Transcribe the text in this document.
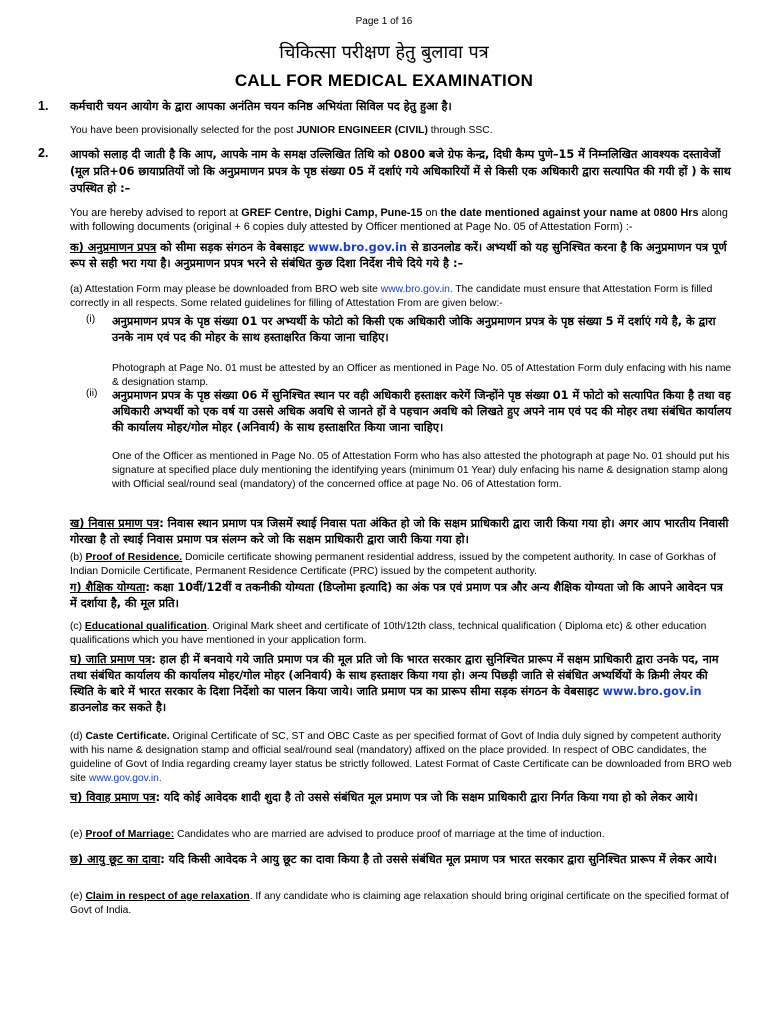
Page 1 of 16
चिकित्सा परीक्षण हेतु बुलावा पत्र
CALL FOR MEDICAL EXAMINATION
1. कर्मचारी चयन आयोग के द्वारा आपका अनंतिम चयन कनिष्ठ अभियंता सिविल पद हेतु हुआ है।

You have been provisionally selected for the post JUNIOR ENGINEER (CIVIL) through SSC.

2. आपको सलाह दी जाती है कि आप, आपके नाम के समक्ष उल्लिखित तिथि को 0800 बजे ग्रेफ केन्द्र, दिघी कैम्प पुणे–15 में निम्नलिखित आवश्यक दस्तावेजों (मूल प्रति+06 छायाप्रतियों जो कि अनुप्रमाणन प्रपत्र के पृष्ठ संख्या 05 में दर्शाएं गये अधिकारियों में से किसी एक अधिकारी द्वारा सत्यापित की गयी हों ) के साथ उपस्थित हो :–

You are hereby advised to report at GREF Centre, Dighi Camp, Pune-15 on the date mentioned against your name at 0800 Hrs along with following documents (original + 6 copies duly attested by Officer mentioned at Page No. 05 of Attestation Form) :-

क) अनुप्रमाणन प्रपत्र को सीमा सड़क संगठन के वेबसाइट www.bro.gov.in से डाउनलोड करें। अभ्यर्थी को यह सुनिश्चित करना है कि अनुप्रमाणन पत्र पूर्ण रूप से सही भरा गया है। अनुप्रमाणन प्रपत्र भरने से संबंधित कुछ दिशा निर्देश नीचे दिये गये है :–

(a) Attestation Form may please be downloaded from BRO web site www.bro.gov.in. The candidate must ensure that Attestation Form is filled correctly in all respects. Some related guidelines for filling of Attestation From are given below:-

(i) अनुप्रमाणन प्रपत्र के पृष्ठ संख्या 01 पर अभ्यर्थी के फोटो को किसी एक अधिकारी जोकि अनुप्रमाणन प्रपत्र के पृष्ठ संख्या 5 में दर्शाएं गये है, के द्वारा उनके नाम एवं पद की मोहर के साथ हस्ताक्षरित किया जाना चाहिए।

Photograph at Page No. 01 must be attested by an Officer as mentioned in Page No. 05 of Attestation Form duly enfacing with his name & designation stamp.

(ii) अनुप्रमाणन प्रपत्र के पृष्ठ संख्या 06 में सुनिश्चित स्थान पर वही अधिकारी हस्ताक्षर करेगें जिन्होंने पृष्ठ संख्या 01 में फोटो को सत्यापित किया है तथा वह अधिकारी अभ्यर्थी को एक वर्ष या उससे अधिक अवधि से जानते हों वे पहचान अवधि को लिखते हुए अपने नाम एवं पद की मोहर तथा संबंधित कार्यालय की कार्यालय मोहर/गोल मोहर (अनिवार्य) के साथ हस्ताक्षरित किया जाना चाहिए।

One of the Officer as mentioned in Page No. 05 of Attestation Form who has also attested the photograph at page No. 01 should put his signature at specified place duly mentioning the identifying years (minimum 01 Year) duly enfacing his name & designation stamp along with Official seal/round seal (mandatory) of the concerned office at page No. 06 of Attestation form.

ख) निवास प्रमाण पत्र: निवास स्थान प्रमाण पत्र जिसमें स्थाई निवास पता अंकित हो जो कि सक्षम प्राधिकारी द्वारा जारी किया गया हो। अगर आप भारतीय निवासी गोरखा है तो स्थाई निवास प्रमाण पत्र संलग्न करे जो कि सक्षम प्राधिकारी द्वारा जारी किया गया हो।

(b) Proof of Residence. Domicile certificate showing permanent residential address, issued by the competent authority. In case of Gorkhas of Indian Domicile Certificate, Permanent Residence Certificate (PRC) issued by the competent authority.

ग) शैक्षिक योग्यता: कक्षा 10वीं/12वीं व तकनीकी योग्यता (डिप्लोमा इत्यादि) का अंक पत्र एवं प्रमाण पत्र और अन्य शैक्षिक योग्यता जो कि आपने आवेदन पत्र में दर्शाया है, की मूल प्रति।

(c) Educational qualification. Original Mark sheet and certificate of 10th/12th class, technical qualification ( Diploma etc) & other education qualifications which you have mentioned in your application form.

घ) जाति प्रमाण पत्र: हाल ही में बनवाये गये जाति प्रमाण पत्र की मूल प्रति जो कि भारत सरकार द्वारा सुनिश्चित प्रारूप में सक्षम प्राधिकारी द्वारा उनके पद, नाम तथा संबंधित कार्यालय की कार्यालय मोहर/गोल मोहर (अनिवार्य) के साथ हस्ताक्षर किया गया हो। अन्य पिछड़ी जाति से संबंधित अभ्यर्थियों के क्रिमी लेयर की स्थिति के बारे में भारत सरकार के दिशा निर्देशो का पालन किया जाये। जाति प्रमाण पत्र का प्रारूप सीमा सड़क संगठन के वेबसाइट www.bro.gov.in डाउनलोड कर सकते है।

(d) Caste Certificate. Original Certificate of SC, ST and OBC Caste as per specified format of Govt of India duly signed by competent authority with his name & designation stamp and official seal/round seal (mandatory) affixed on the place provided. In respect of OBC candidates, the guideline of Govt of India regarding creamy layer status be strictly followed. Latest Format of Caste Certificate can be downloaded from BRO web site www.gov.gov.in.

च) विवाह प्रमाण पत्र: यदि कोई आवेदक शादी शुदा है तो उससे संबंधित मूल प्रमाण पत्र जो कि सक्षम प्राधिकारी द्वारा निर्गत किया गया हो को लेकर आये।

(e) Proof of Marriage: Candidates who are married are advised to produce proof of marriage at the time of induction.

छ) आयु छूट का दावा: यदि किसी आवेदक ने आयु छूट का दावा किया है तो उससे संबंधित मूल प्रमाण पत्र भारत सरकार द्वारा सुनिश्चित प्रारूप में लेकर आये।

(e) Claim in respect of age relaxation. If any candidate who is claiming age relaxation should bring original certificate on the specified format of Govt of India.
